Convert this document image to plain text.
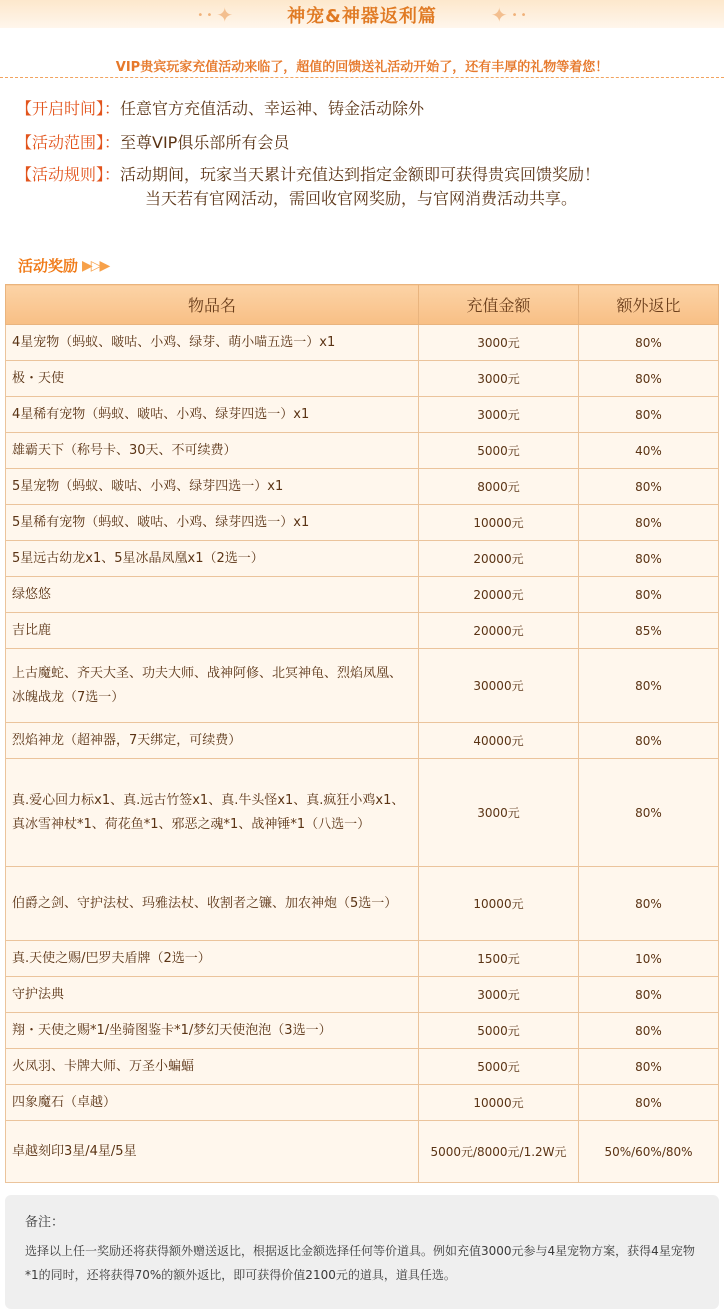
• • ✦	神宠&神器返利篇	✦ • •
VIP贵宾玩家充值活动来临了，超值的回馈送礼活动开始了，还有丰厚的礼物等着您！
【开启时间】：任意官方充值活动、幸运神、铸金活动除外
【活动范围】：至尊VIP俱乐部所有会员
【活动规则】：活动期间，玩家当天累计充值达到指定金额即可获得贵宾回馈奖励！
当天若有官网活动，需回收官网奖励，与官网消费活动共享。
活动奖励 ▶▷▶
物品名	充值金额	额外返比
4星宠物（蚂蚁、啵咕、小鸡、绿芽、萌小喵五选一）x1	3000元	80%
极・天使	3000元	80%
4星稀有宠物（蚂蚁、啵咕、小鸡、绿芽四选一）x1	3000元	80%
雄霸天下（称号卡、30天、不可续费）	5000元	40%
5星宠物（蚂蚁、啵咕、小鸡、绿芽四选一）x1	8000元	80%
5星稀有宠物（蚂蚁、啵咕、小鸡、绿芽四选一）x1	10000元	80%
5星远古幼龙x1、5星冰晶凤凰x1（2选一）	20000元	80%
绿悠悠	20000元	80%
吉比鹿	20000元	85%
上古魔蛇、齐天大圣、功夫大师、战神阿修、北冥神龟、烈焰凤凰、冰魄战龙（7选一）	30000元	80%
烈焰神龙（超神器，7天绑定，可续费）	40000元	80%
真.爱心回力标x1、真.远古竹签x1、真.牛头怪x1、真.疯狂小鸡x1、真冰雪神杖*1、荷花鱼*1、邪恶之魂*1、战神锤*1（八选一）	3000元	80%
伯爵之剑、守护法杖、玛雅法杖、收割者之镰、加农神炮（5选一）	10000元	80%
真.天使之赐/巴罗夫盾牌（2选一）	1500元	10%
守护法典	3000元	80%
翔・天使之赐*1/坐骑图鉴卡*1/梦幻天使泡泡（3选一）	5000元	80%
火凤羽、卡牌大师、万圣小蝙蝠	5000元	80%
四象魔石（卓越）	10000元	80%
卓越刻印3星/4星/5星	5000元/8000元/1.2W元	50%/60%/80%
备注：
选择以上任一奖励还将获得额外赠送返比，根据返比金额选择任何等价道具。例如充值3000元参与4星宠物方案，获得4星宠物*1的同时，还将获得70%的额外返比，即可获得价值2100元的道具，道具任选。
